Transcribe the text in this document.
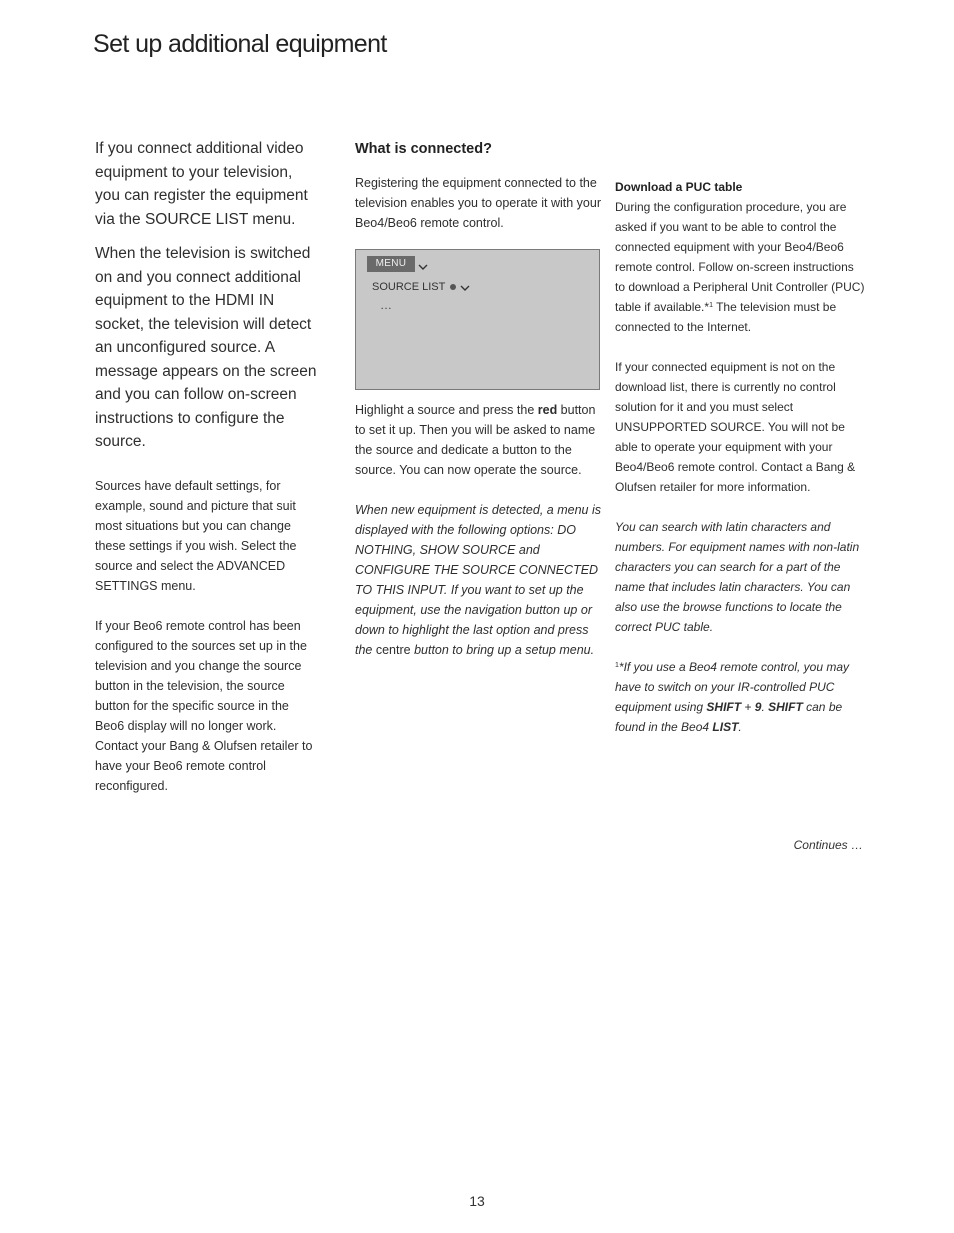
Set up additional equipment

If you connect additional video equipment to your television, you can register the equipment via the SOURCE LIST menu.

When the television is switched on and you connect additional equipment to the HDMI IN socket, the television will detect an unconfigured source. A message appears on the screen and you can follow on-screen instructions to configure the source.

Sources have default settings, for example, sound and picture that suit most situations but you can change these settings if you wish. Select the source and select the ADVANCED SETTINGS menu.

If your Beo6 remote control has been configured to the sources set up in the television and you change the source button in the television, the source button for the specific source in the Beo6 display will no longer work. Contact your Bang & Olufsen retailer to have your Beo6 remote control reconfigured.

What is connected?

Registering the equipment connected to the television enables you to operate it with your Beo4/Beo6 remote control.

MENU
SOURCE LIST
…

Highlight a source and press the red button to set it up. Then you will be asked to name the source and dedicate a button to the source. You can now operate the source.

When new equipment is detected, a menu is displayed with the following options: DO NOTHING, SHOW SOURCE and CONFIGURE THE SOURCE CONNECTED TO THIS INPUT. If you want to set up the equipment, use the navigation button up or down to highlight the last option and press the centre button to bring up a setup menu.

Download a PUC table
During the configuration procedure, you are asked if you want to be able to control the connected equipment with your Beo4/Beo6 remote control. Follow on-screen instructions to download a Peripheral Unit Controller (PUC) table if available.*$^1$ The television must be connected to the Internet.

If your connected equipment is not on the download list, there is currently no control solution for it and you must select UNSUPPORTED SOURCE. You will not be able to operate your equipment with your Beo4/Beo6 remote control. Contact a Bang & Olufsen retailer for more information.

You can search with latin characters and numbers. For equipment names with non-latin characters you can search for a part of the name that includes latin characters. You can also use the browse functions to locate the correct PUC table.

$^1$*If you use a Beo4 remote control, you may have to switch on your IR-controlled PUC equipment using SHIFT + 9. SHIFT can be found in the Beo4 LIST.

Continues …
13
